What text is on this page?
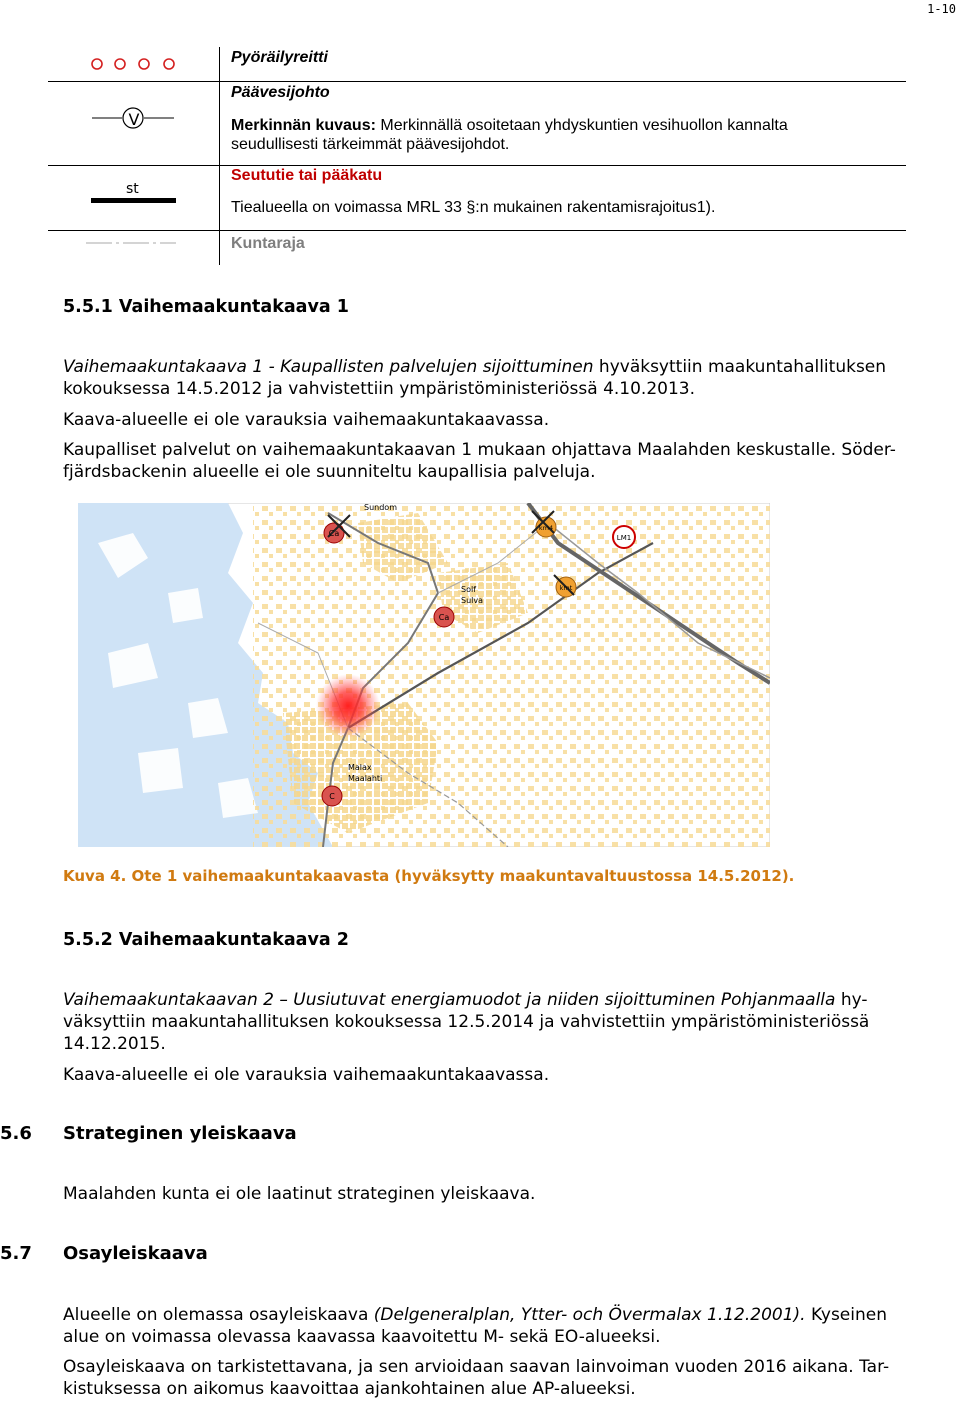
1-10
Pyöräilyreitti
V
Päävesijohto
Merkinnän kuvaus: Merkinnällä osoitetaan yhdyskuntien vesihuollon kannalta
seudullisesti tärkeimmät päävesijohdot.
st
Seututie tai pääkatu
Tiealueella on voimassa MRL 33 §:n mukainen rakentamisrajoitus1).
Kuntaraja
5.5.1 Vaihemaakuntakaava 1
Vaihemaakuntakaava 1 - Kaupallisten palvelujen sijoittuminen hyväksyttiin maakuntahallituksen
kokouksessa 14.5.2012 ja vahvistettiin ympäristöministeriössä 4.10.2013.
Kaava-alueelle ei ole varauksia vaihemaakuntakaavassa.
Kaupalliset palvelut on vaihemaakuntakaavan 1 mukaan ohjattava Maalahden keskustalle. Söder-
fjärdsbackenin alueelle ei ole suunniteltu kaupallisia palveluja.
Ca
Ca
C
km4
kmt
LM1
Sundom
Solf
Sulva
Malax
Maalahti
Kuva 4. Ote 1 vaihemaakuntakaavasta (hyväksytty maakuntavaltuustossa 14.5.2012).
5.5.2 Vaihemaakuntakaava 2
Vaihemaakuntakaavan 2 – Uusiutuvat energiamuodot ja niiden sijoittuminen Pohjanmaalla hy-
väksyttiin maakuntahallituksen kokouksessa 12.5.2014 ja vahvistettiin ympäristöministeriössä
14.12.2015.
Kaava-alueelle ei ole varauksia vaihemaakuntakaavassa.
5.6 Strateginen yleiskaava
Maalahden kunta ei ole laatinut strateginen yleiskaava.
5.7 Osayleiskaava
Alueelle on olemassa osayleiskaava (Delgeneralplan, Ytter- och Övermalax 1.12.2001). Kyseinen
alue on voimassa olevassa kaavassa kaavoitettu M- sekä EO-alueeksi.
Osayleiskaava on tarkistettavana, ja sen arvioidaan saavan lainvoiman vuoden 2016 aikana. Tar-
kistuksessa on aikomus kaavoittaa ajankohtainen alue AP-alueeksi.
